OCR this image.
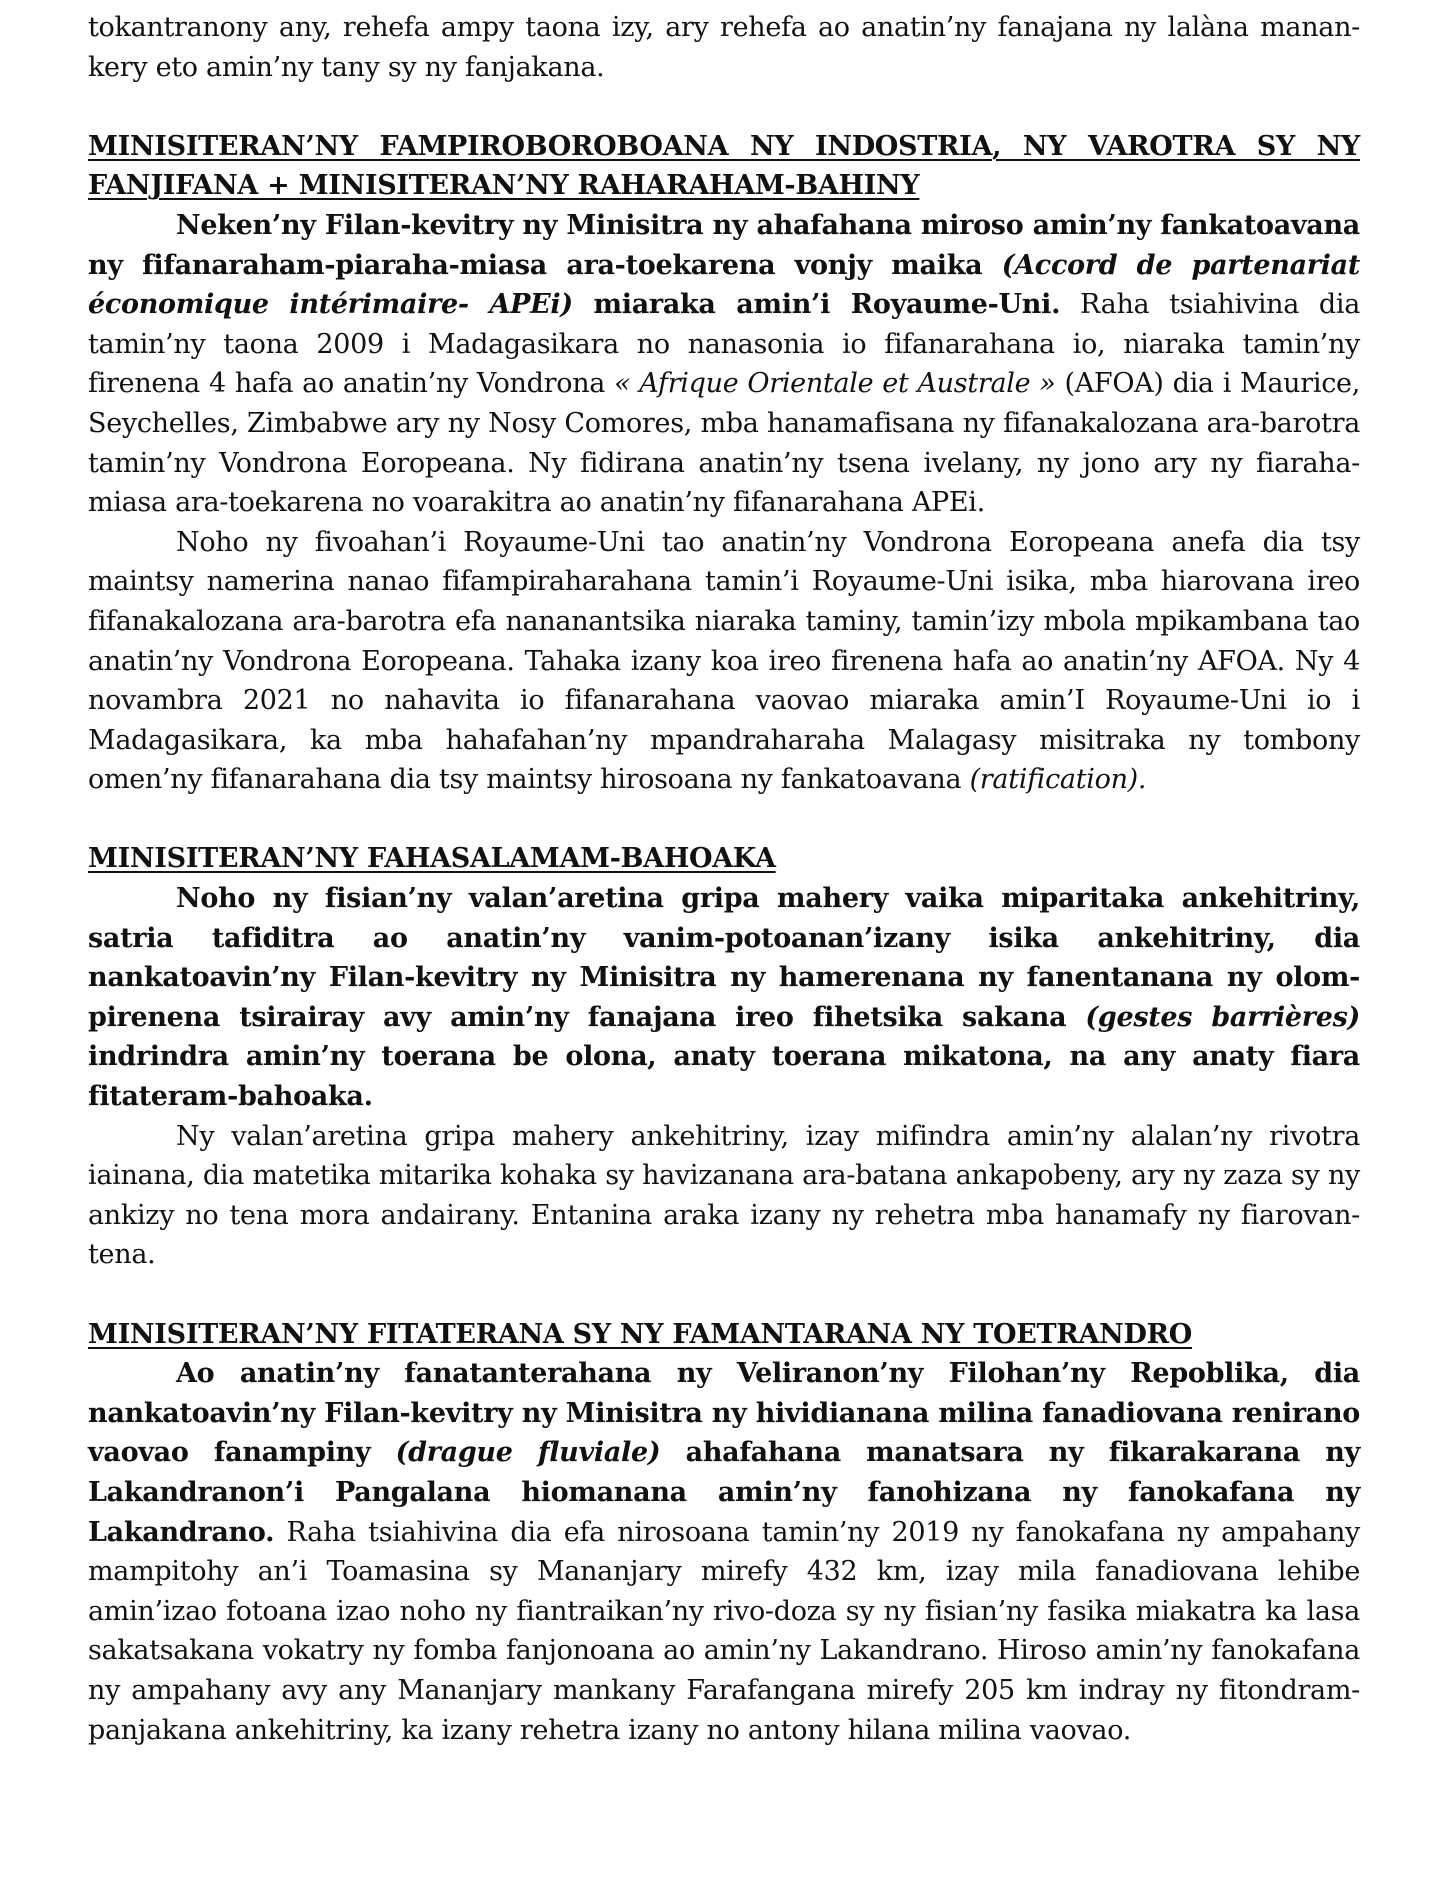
tokantranony any, rehefa ampy taona izy, ary rehefa ao anatin’ny fanajana ny lalàna manan-kery eto amin’ny tany sy ny fanjakana.

MINISITERAN’NY FAMPIROBOROBOANA NY INDOSTRIA, NY VAROTRA SY NY FANJIFANA + MINISITERAN’NY RAHARAHAM-BAHINY

Neken’ny Filan-kevitry ny Minisitra ny ahafahana miroso amin’ny fankatoavana ny fifanaraham-piaraha-miasa ara-toekarena vonjy maika (Accord de partenariat économique intérimaire- APEi) miaraka amin’i Royaume-Uni. Raha tsiahivina dia tamin’ny taona 2009 i Madagasikara no nanasonia io fifanarahana io, niaraka tamin’ny firenena 4 hafa ao anatin’ny Vondrona « Afrique Orientale et Australe » (AFOA) dia i Maurice, Seychelles, Zimbabwe ary ny Nosy Comores, mba hanamafisana ny fifanakalozana ara-barotra tamin’ny Vondrona Eoropeana. Ny fidirana anatin’ny tsena ivelany, ny jono ary ny fiaraha-miasa ara-toekarena no voarakitra ao anatin’ny fifanarahana APEi.

Noho ny fivoahan’i Royaume-Uni tao anatin’ny Vondrona Eoropeana anefa dia tsy maintsy namerina nanao fifampiraharahana tamin’i Royaume-Uni isika, mba hiarovana ireo fifanakalozana ara-barotra efa nananantsika niaraka taminy, tamin’izy mbola mpikambana tao anatin’ny Vondrona Eoropeana. Tahaka izany koa ireo firenena hafa ao anatin’ny AFOA. Ny 4 novambra 2021 no nahavita io fifanarahana vaovao miaraka amin’I Royaume-Uni io i Madagasikara, ka mba hahafahan’ny mpandraharaha Malagasy misitraka ny tombony omen’ny fifanarahana dia tsy maintsy hirosoana ny fankatoavana (ratification).

MINISITERAN’NY FAHASALAMAM-BAHOAKA

Noho ny fisian’ny valan’aretina gripa mahery vaika miparitaka ankehitriny, satria tafiditra ao anatin’ny vanim-potoanan’izany isika ankehitriny, dia nankatoavin’ny Filan-kevitry ny Minisitra ny hamerenana ny fanentanana ny olom-pirenena tsirairay avy amin’ny fanajana ireo fihetsika sakana (gestes barrières) indrindra amin’ny toerana be olona, anaty toerana mikatona, na any anaty fiara fitateram-bahoaka.

Ny valan’aretina gripa mahery ankehitriny, izay mifindra amin’ny alalan’ny rivotra iainana, dia matetika mitarika kohaka sy havizanana ara-batana ankapobeny, ary ny zaza sy ny ankizy no tena mora andairany. Entanina araka izany ny rehetra mba hanamafy ny fiarovan-tena.

MINISITERAN’NY FITATERANA SY NY FAMANTARANA NY TOETRANDRO

Ao anatin’ny fanatanterahana ny Veliranon’ny Filohan’ny Repoblika, dia nankatoavin’ny Filan-kevitry ny Minisitra ny hividianana milina fanadiovana renirano vaovao fanampiny (drague fluviale) ahafahana manatsara ny fikarakarana ny Lakandranon’i Pangalana hiomanana amin’ny fanohizana ny fanokafana ny Lakandrano. Raha tsiahivina dia efa nirosoana tamin’ny 2019 ny fanokafana ny ampahany mampitohy an’i Toamasina sy Mananjary mirefy 432 km, izay mila fanadiovana lehibe amin’izao fotoana izao noho ny fiantraikan’ny rivo-doza sy ny fisian’ny fasika miakatra ka lasa sakatsakana vokatry ny fomba fanjonoana ao amin’ny Lakandrano. Hiroso amin’ny fanokafana ny ampahany avy any Mananjary mankany Farafangana mirefy 205 km indray ny fitondram-panjakana ankehitriny, ka izany rehetra izany no antony hilana milina vaovao.
